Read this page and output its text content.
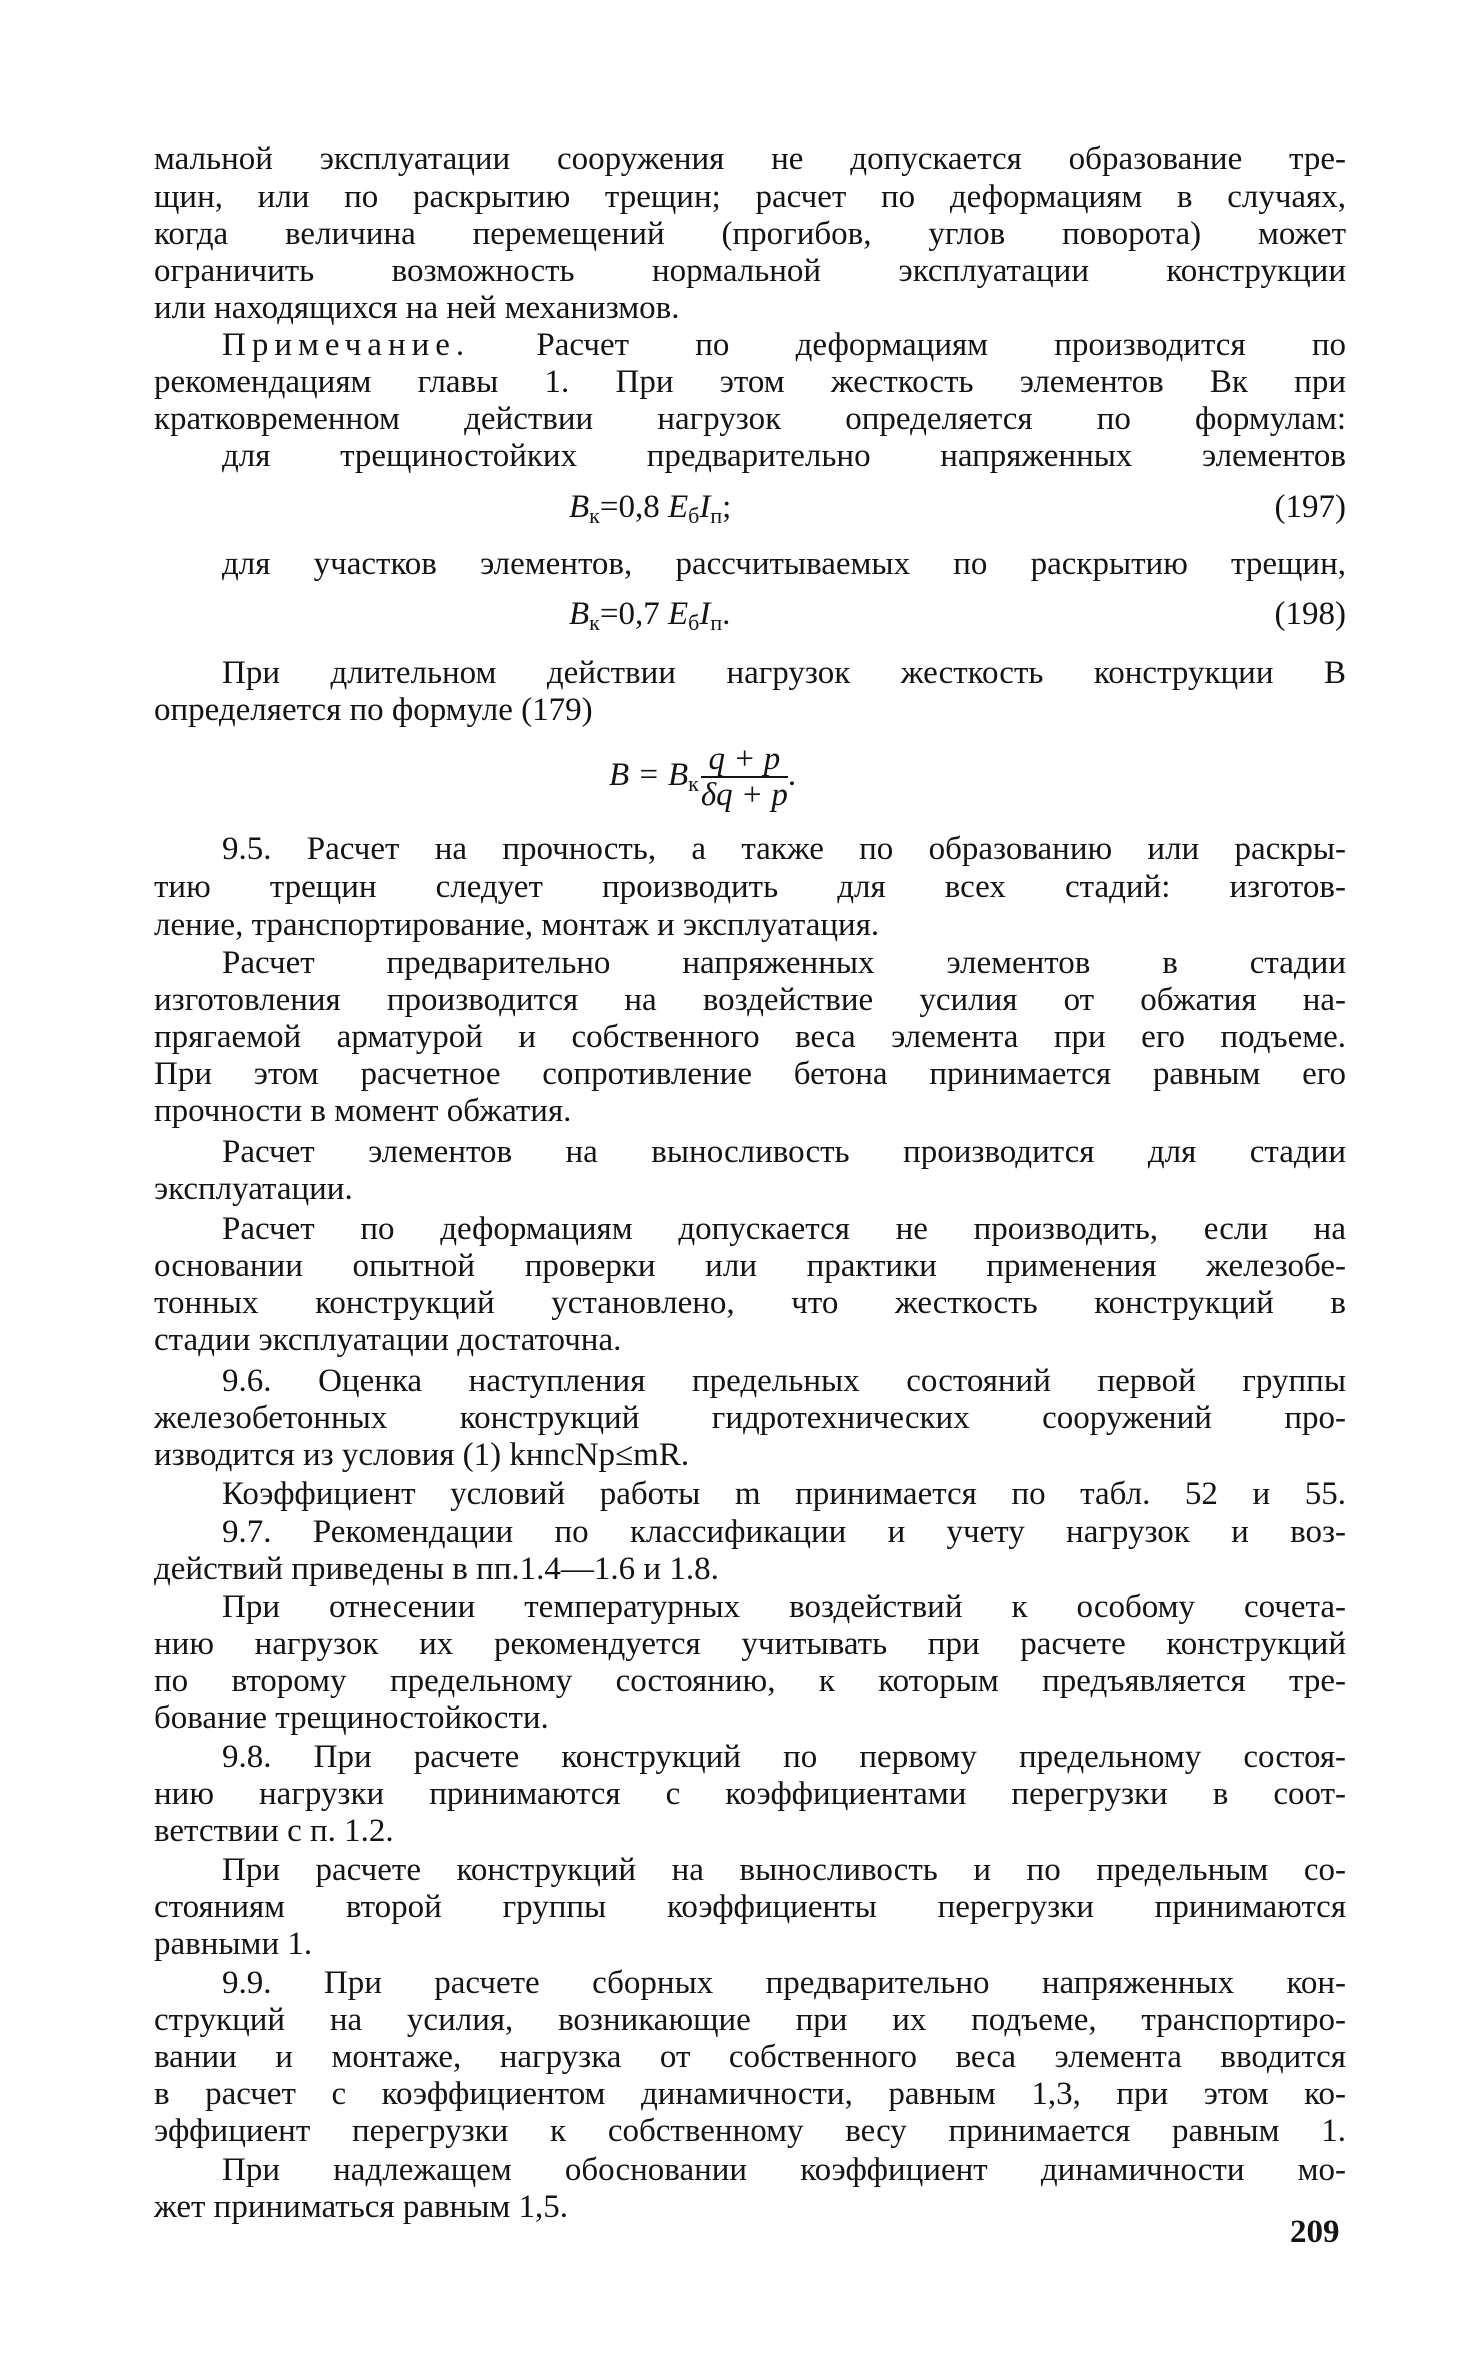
мальной эксплуатации сооружения не допускается образование тре-
щин, или по раскрытию трещин; расчет по деформациям в случаях,
когда величина перемещений (прогибов, углов поворота) может
ограничить возможность нормальной эксплуатации конструкции
или находящихся на ней механизмов.
Примечание. Расчет по деформациям производится по
рекомендациям главы 1. При этом жесткость элементов Bк при
кратковременном действии нагрузок определяется по формулам:
для трещиностойких предварительно напряженных элементов
$B_к=0,8$ $E_бI_п$;	(197)
для участков элементов, рассчитываемых по раскрытию трещин,
$B_к=0,7$ $E_бI_п$.	(198)
При длительном действии нагрузок жесткость конструкции B
определяется по формуле (179)
$B = B_к \frac{q + p}{\delta q + p}$ .
9.5. Расчет на прочность, а также по образованию или раскры-
тию трещин следует производить для всех стадий: изготов-
ление, транспортирование, монтаж и эксплуатация.
Расчет предварительно напряженных элементов в стадии
изготовления производится на воздействие усилия от обжатия на-
прягаемой арматурой и собственного веса элемента при его подъеме.
При этом расчетное сопротивление бетона принимается равным его
прочности в момент обжатия.
Расчет элементов на выносливость производится для стадии
эксплуатации.
Расчет по деформациям допускается не производить, если на
основании опытной проверки или практики применения железобе-
тонных конструкций установлено, что жесткость конструкций в
стадии эксплуатации достаточна.
9.6. Оценка наступления предельных состояний первой группы
железобетонных конструкций гидротехнических сооружений про-
изводится из условия (1) kнnсNр≤mR.
Коэффициент условий работы m принимается по табл. 52 и 55.
9.7. Рекомендации по классификации и учету нагрузок и воз-
действий приведены в пп.1.4—1.6 и 1.8.
При отнесении температурных воздействий к особому сочета-
нию нагрузок их рекомендуется учитывать при расчете конструкций
по второму предельному состоянию, к которым предъявляется тре-
бование трещиностойкости.
9.8. При расчете конструкций по первому предельному состоя-
нию нагрузки принимаются с коэффициентами перегрузки в соот-
ветствии с п. 1.2.
При расчете конструкций на выносливость и по предельным со-
стояниям второй группы коэффициенты перегрузки принимаются
равными 1.
9.9. При расчете сборных предварительно напряженных кон-
струкций на усилия, возникающие при их подъеме, транспортиро-
вании и монтаже, нагрузка от собственного веса элемента вводится
в расчет с коэффициентом динамичности, равным 1,3, при этом ко-
эффициент перегрузки к собственному весу принимается равным 1.
При надлежащем обосновании коэффициент динамичности мо-
жет приниматься равным 1,5.
209
